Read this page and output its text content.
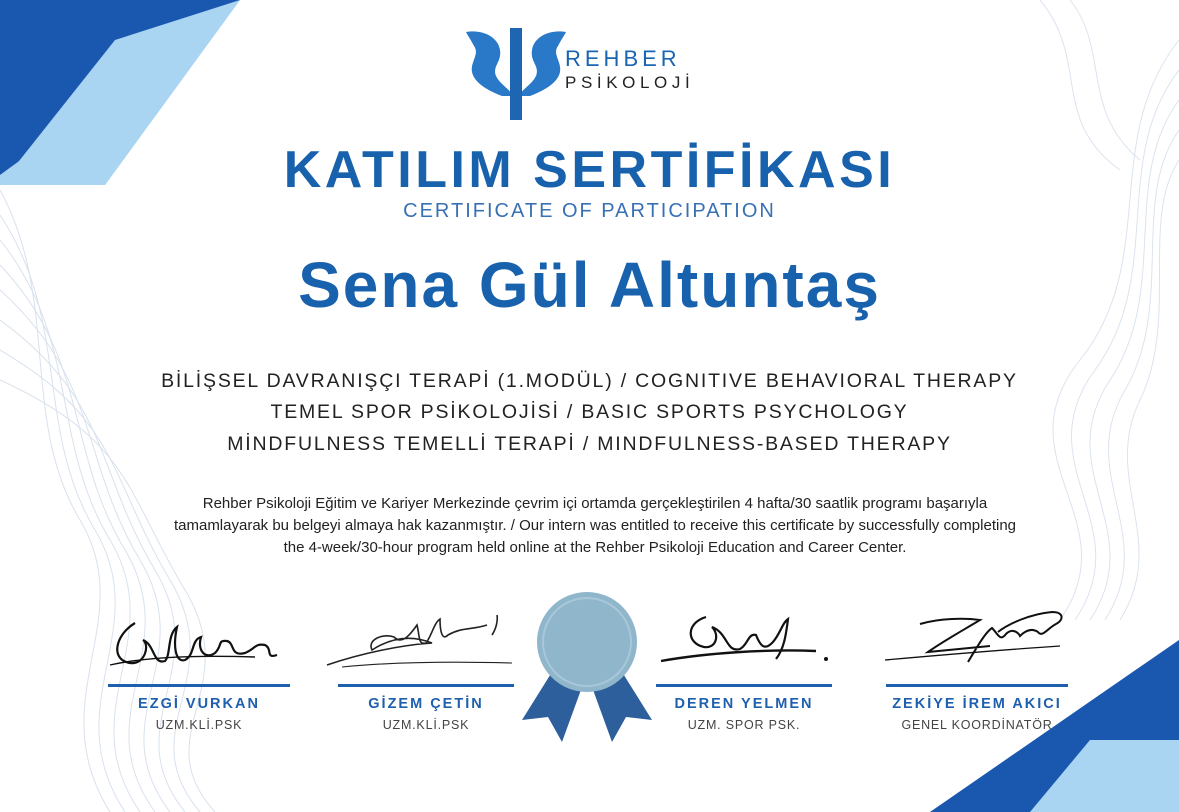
REHBER
PSİKOLOJİ
KATILIM SERTİFİKASI
CERTIFICATE OF PARTICIPATION
Sena Gül Altuntaş
BİLİŞSEL DAVRANIŞÇI TERAPİ (1.MODÜL) / COGNITIVE BEHAVIORAL THERAPY
TEMEL SPOR PSİKOLOJİSİ / BASIC SPORTS PSYCHOLOGY
MİNDFULNESS TEMELLİ TERAPİ / MINDFULNESS-BASED THERAPY
Rehber Psikoloji Eğitim ve Kariyer Merkezinde çevrim içi ortamda gerçekleştirilen 4 hafta/30 saatlik programı başarıyla
tamamlayarak bu belgeyi almaya hak kazanmıştır. / Our intern was entitled to receive this certificate by successfully completing
the 4-week/30-hour program held online at the Rehber Psikoloji Education and Career Center.
EZGİ VURKAN
UZM.KLİ.PSK
GİZEM ÇETİN
UZM.KLİ.PSK
DEREN YELMEN
UZM. SPOR PSK.
ZEKİYE İREM AKICI
GENEL KOORDİNATÖR
